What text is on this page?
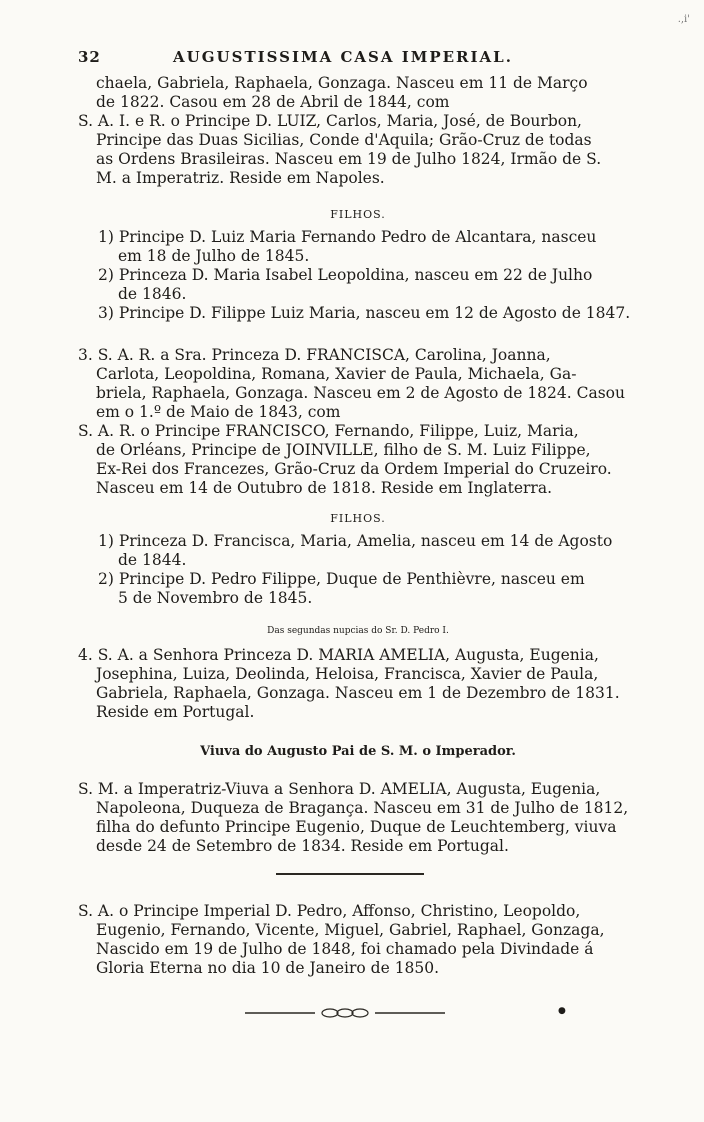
.,i'
32	AUGUSTISSIMA CASA IMPERIAL.
chaela, Gabriela, Raphaela, Gonzaga. Nasceu em 11 de Março
de 1822. Casou em 28 de Abril de 1844, com
S. A. I. e R. o Principe D. LUIZ, Carlos, Maria, José, de Bourbon,
Principe das Duas Sicilias, Conde d'Aquila; Grão-Cruz de todas
as Ordens Brasileiras. Nasceu em 19 de Julho 1824, Irmão de S.
M. a Imperatriz. Reside em Napoles.
FILHOS.
1) Principe D. Luiz Maria Fernando Pedro de Alcantara, nasceu
em 18 de Julho de 1845.
2) Princeza D. Maria Isabel Leopoldina, nasceu em 22 de Julho
de 1846.
3) Principe D. Filippe Luiz Maria, nasceu em 12 de Agosto de 1847.
3. S. A. R. a Sra. Princeza D. FRANCISCA, Carolina, Joanna,
Carlota, Leopoldina, Romana, Xavier de Paula, Michaela, Ga-
briela, Raphaela, Gonzaga. Nasceu em 2 de Agosto de 1824. Casou
em o 1.º de Maio de 1843, com
S. A. R. o Principe FRANCISCO, Fernando, Filippe, Luiz, Maria,
de Orléans, Principe de JOINVILLE, filho de S. M. Luiz Filippe,
Ex-Rei dos Francezes, Grão-Cruz da Ordem Imperial do Cruzeiro.
Nasceu em 14 de Outubro de 1818. Reside em Inglaterra.
FILHOS.
1) Princeza D. Francisca, Maria, Amelia, nasceu em 14 de Agosto
de 1844.
2) Principe D. Pedro Filippe, Duque de Penthièvre, nasceu em
5 de Novembro de 1845.
Das segundas nupcias do Sr. D. Pedro I.
4. S. A. a Senhora Princeza D. MARIA AMELIA, Augusta, Eugenia,
Josephina, Luiza, Deolinda, Heloisa, Francisca, Xavier de Paula,
Gabriela, Raphaela, Gonzaga. Nasceu em 1 de Dezembro de 1831.
Reside em Portugal.
Viuva do Augusto Pai de S. M. o Imperador.
S. M. a Imperatriz-Viuva a Senhora D. AMELIA, Augusta, Eugenia,
Napoleona, Duqueza de Bragança. Nasceu em 31 de Julho de 1812,
filha do defunto Principe Eugenio, Duque de Leuchtemberg, viuva
desde 24 de Setembro de 1834. Reside em Portugal.
S. A. o Principe Imperial D. Pedro, Affonso, Christino, Leopoldo,
Eugenio, Fernando, Vicente, Miguel, Gabriel, Raphael, Gonzaga,
Nascido em 19 de Julho de 1848, foi chamado pela Divindade á
Gloria Eterna no dia 10 de Janeiro de 1850.
●
